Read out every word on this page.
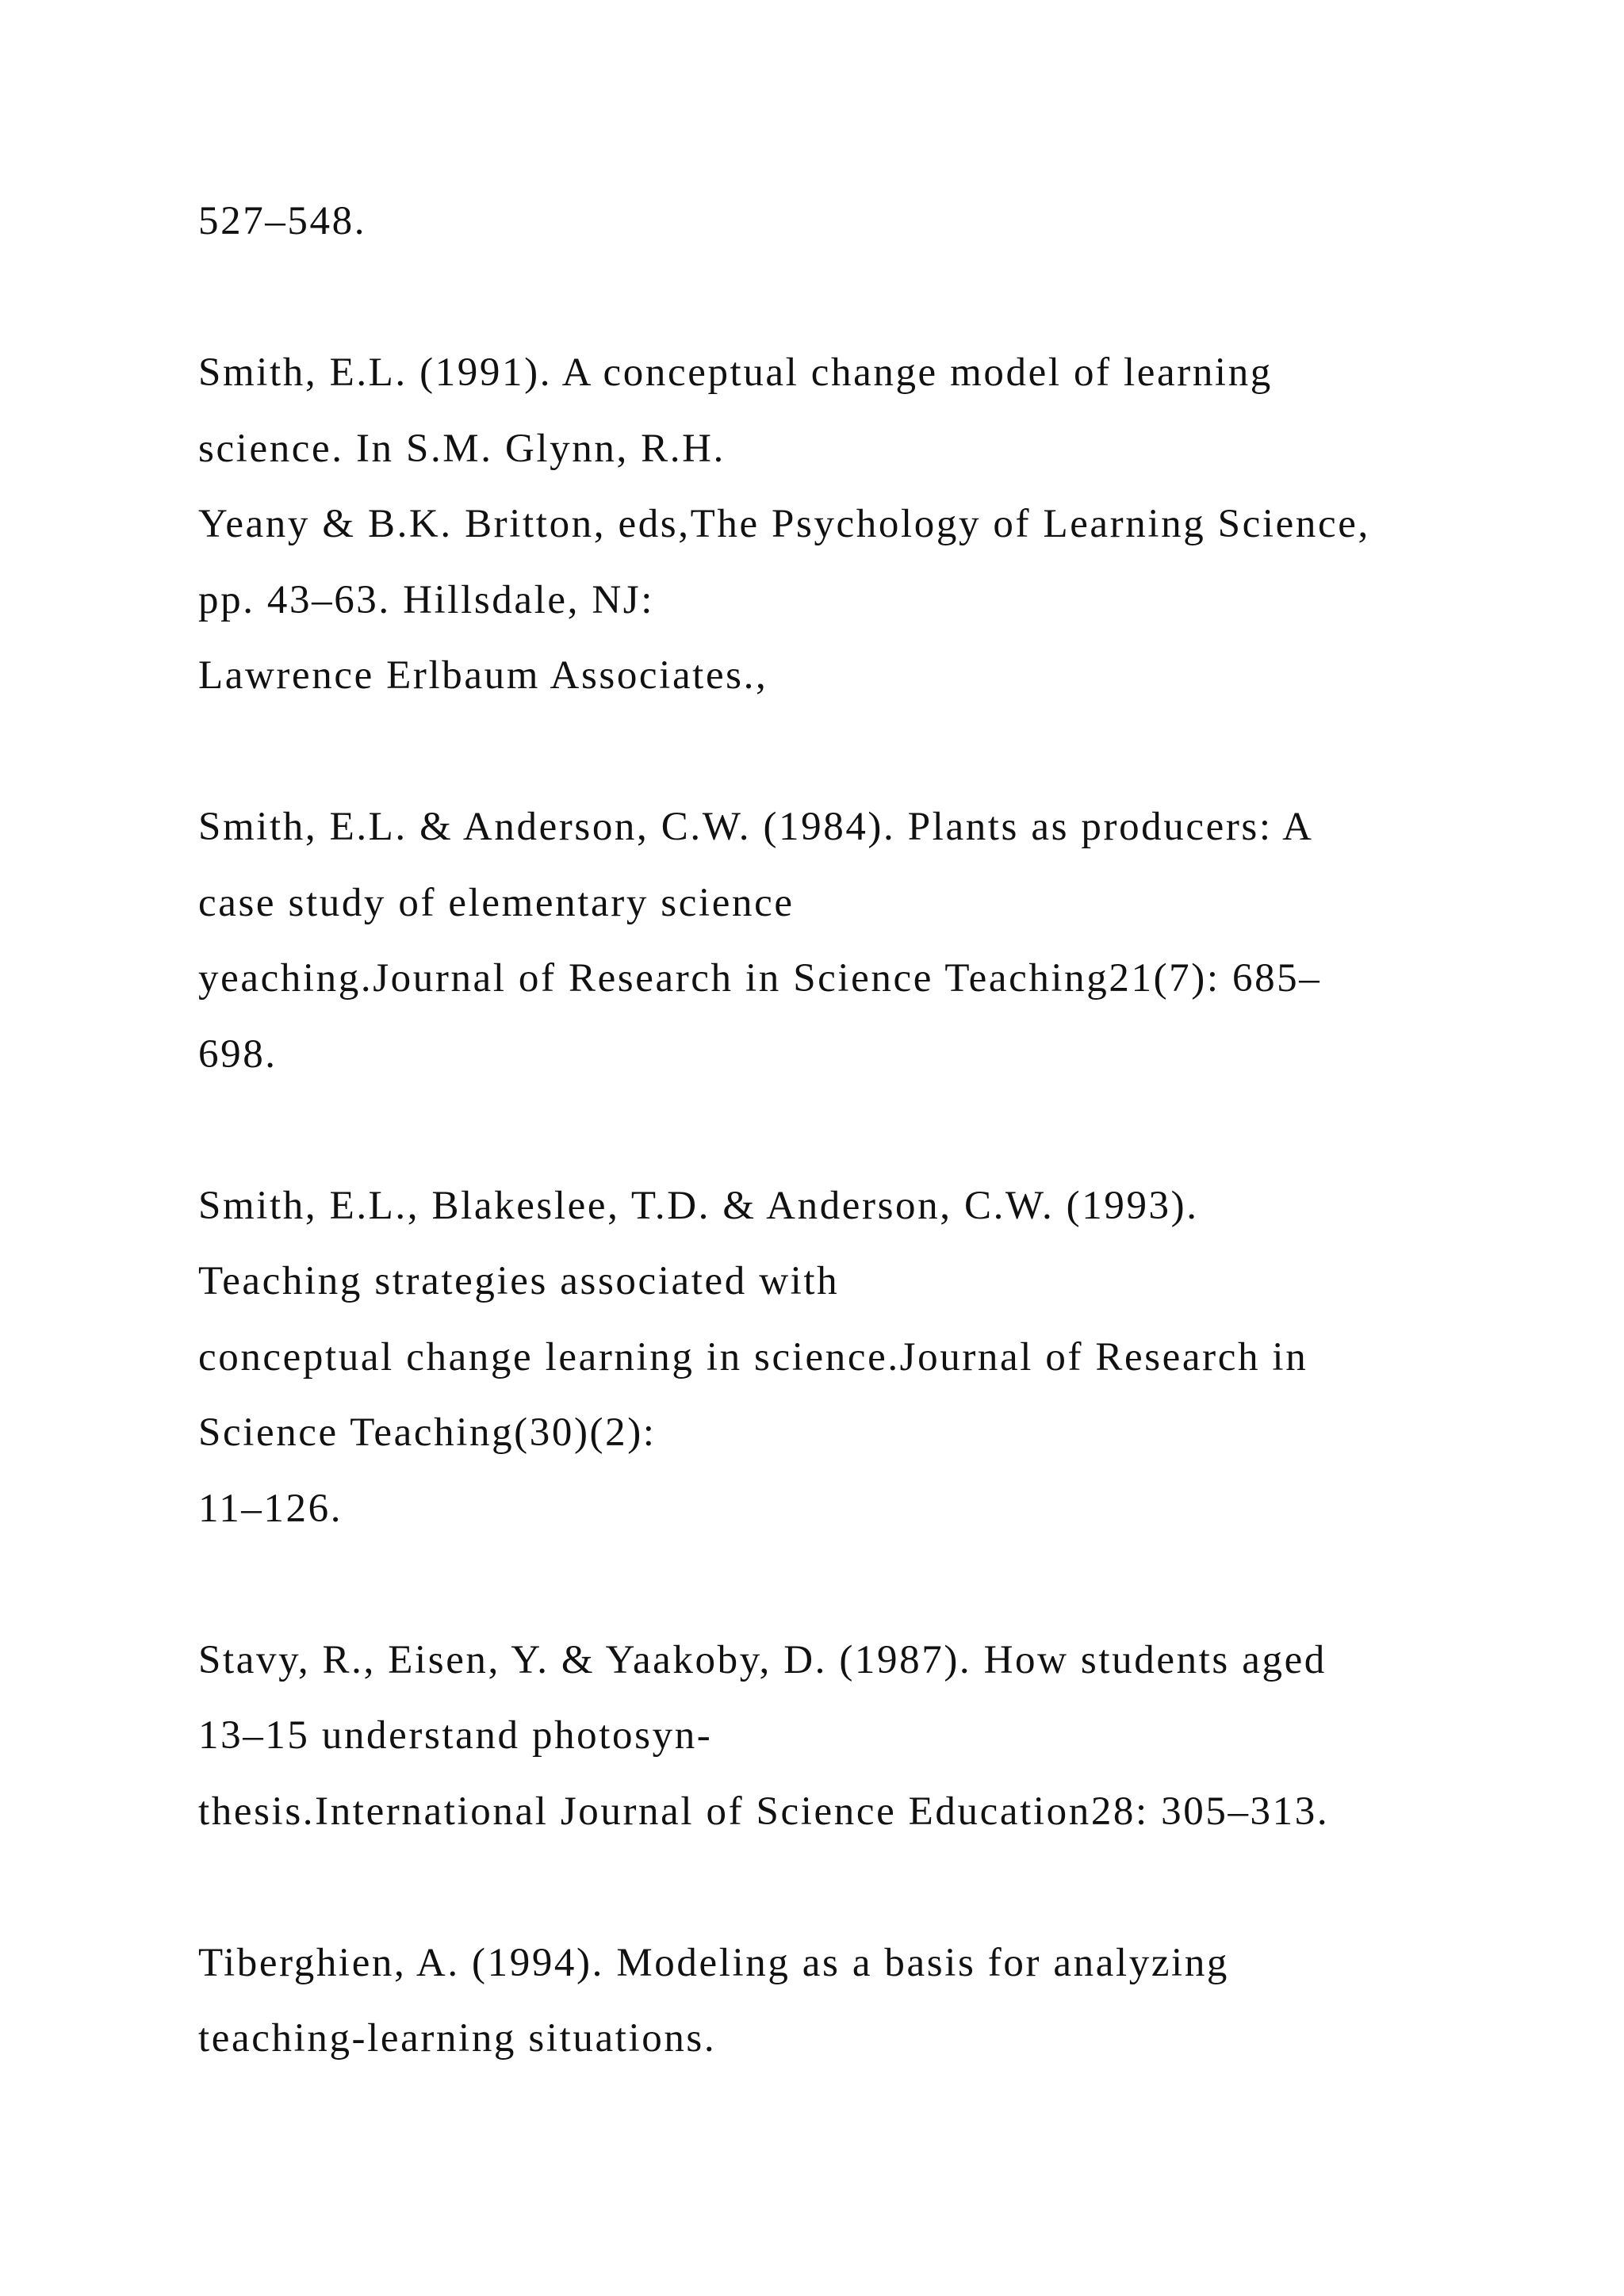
527–548.
Smith, E.L. (1991). A conceptual change model of learning
science. In S.M. Glynn, R.H.
Yeany & B.K. Britton, eds,The Psychology of Learning Science,
pp. 43–63. Hillsdale, NJ:
Lawrence Erlbaum Associates.,
Smith, E.L. & Anderson, C.W. (1984). Plants as producers: A
case study of elementary science
yeaching.Journal of Research in Science Teaching21(7): 685–
698.
Smith, E.L., Blakeslee, T.D. & Anderson, C.W. (1993).
Teaching strategies associated with
conceptual change learning in science.Journal of Research in
Science Teaching(30)(2):
11–126.
Stavy, R., Eisen, Y. & Yaakoby, D. (1987). How students aged
13–15 understand photosyn-
thesis.International Journal of Science Education28: 305–313.
Tiberghien, A. (1994). Modeling as a basis for analyzing
teaching-learning situations.
